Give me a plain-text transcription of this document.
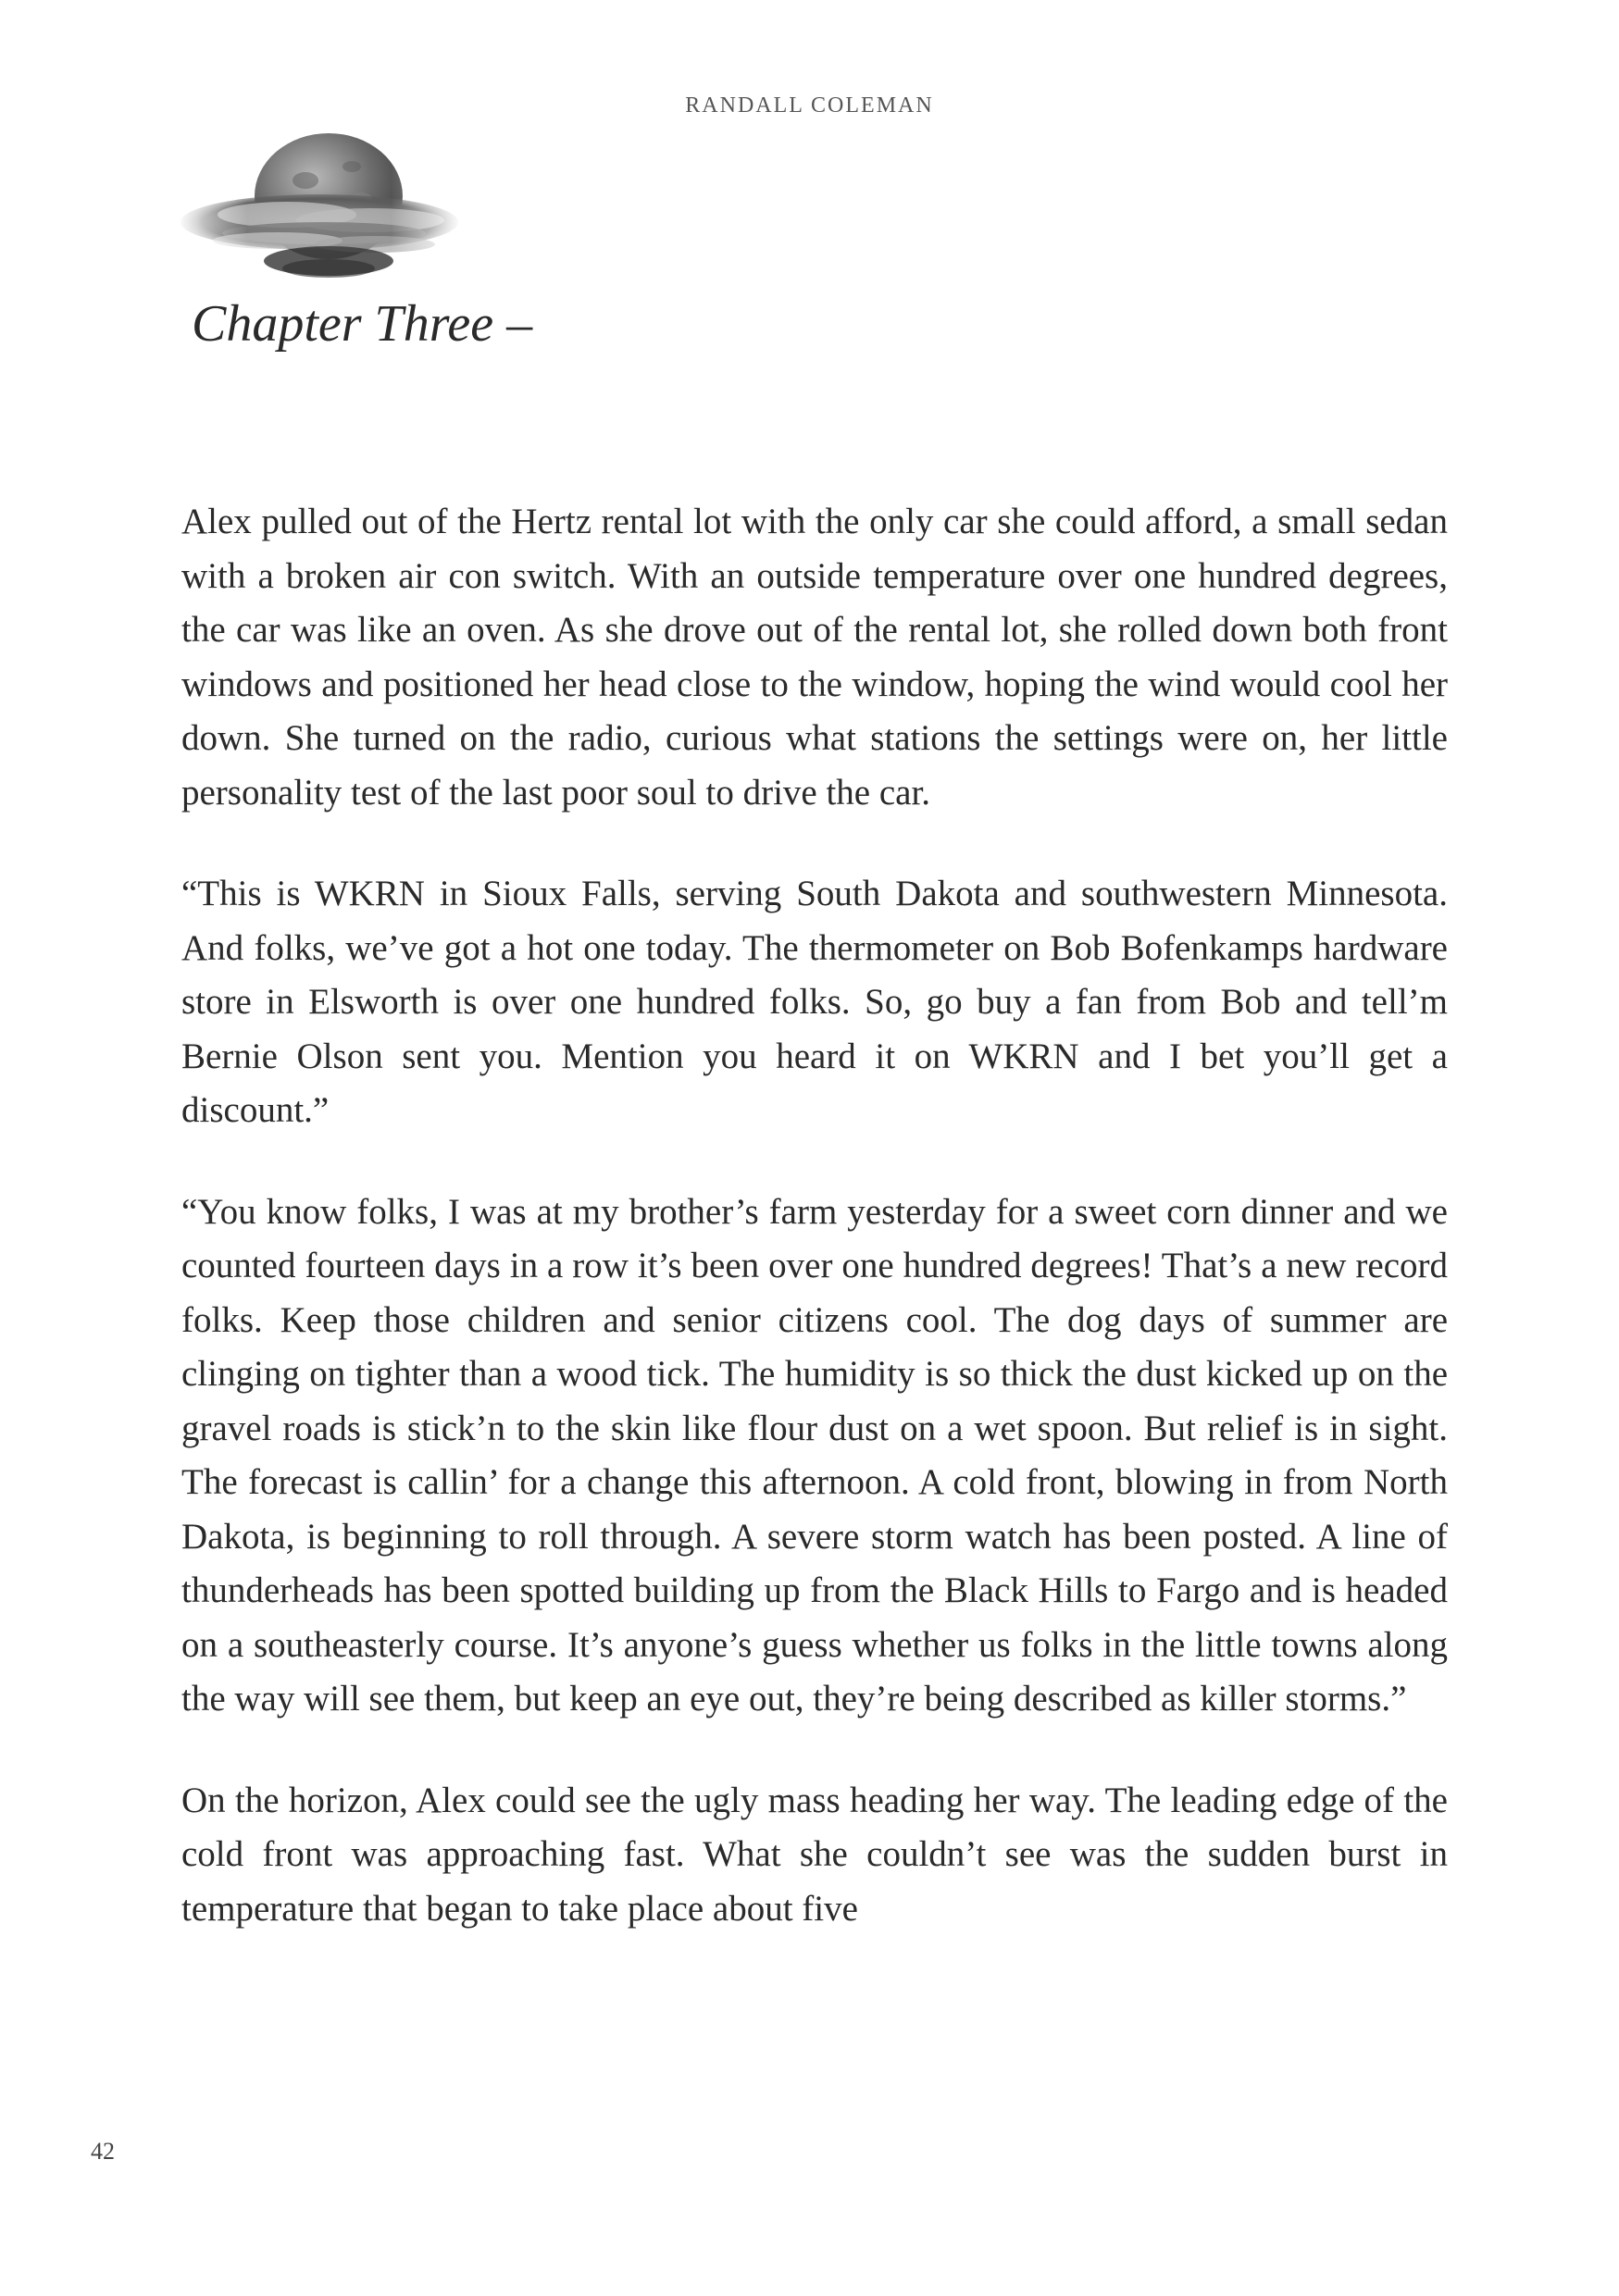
RANDALL COLEMAN
Chapter Three –

Alex pulled out of the Hertz rental lot with the only car she could afford, a small sedan with a broken air con switch. With an outside temperature over one hundred degrees, the car was like an oven. As she drove out of the rental lot, she rolled down both front windows and positioned her head close to the window, hoping the wind would cool her down. She turned on the radio, curious what stations the settings were on, her little personality test of the last poor soul to drive the car.

“This is WKRN in Sioux Falls, serving South Dakota and southwestern Minnesota. And folks, we’ve got a hot one today. The thermometer on Bob Bofenkamps hardware store in Elsworth is over one hundred folks. So, go buy a fan from Bob and tell’m Bernie Olson sent you. Mention you heard it on WKRN and I bet you’ll get a discount.”

“You know folks, I was at my brother’s farm yesterday for a sweet corn dinner and we counted fourteen days in a row it’s been over one hundred degrees! That’s a new record folks. Keep those children and senior citizens cool. The dog days of summer are clinging on tighter than a wood tick. The humidity is so thick the dust kicked up on the gravel roads is stick’n to the skin like flour dust on a wet spoon. But relief is in sight. The forecast is callin’ for a change this afternoon. A cold front, blowing in from North Dakota, is beginning to roll through. A severe storm watch has been posted. A line of thunderheads has been spotted building up from the Black Hills to Fargo and is headed on a southeasterly course. It’s anyone’s guess whether us folks in the little towns along the way will see them, but keep an eye out, they’re being described as killer storms.”

On the horizon, Alex could see the ugly mass heading her way. The leading edge of the cold front was approaching fast. What she couldn’t see was the sudden burst in temperature that began to take place about five

42
